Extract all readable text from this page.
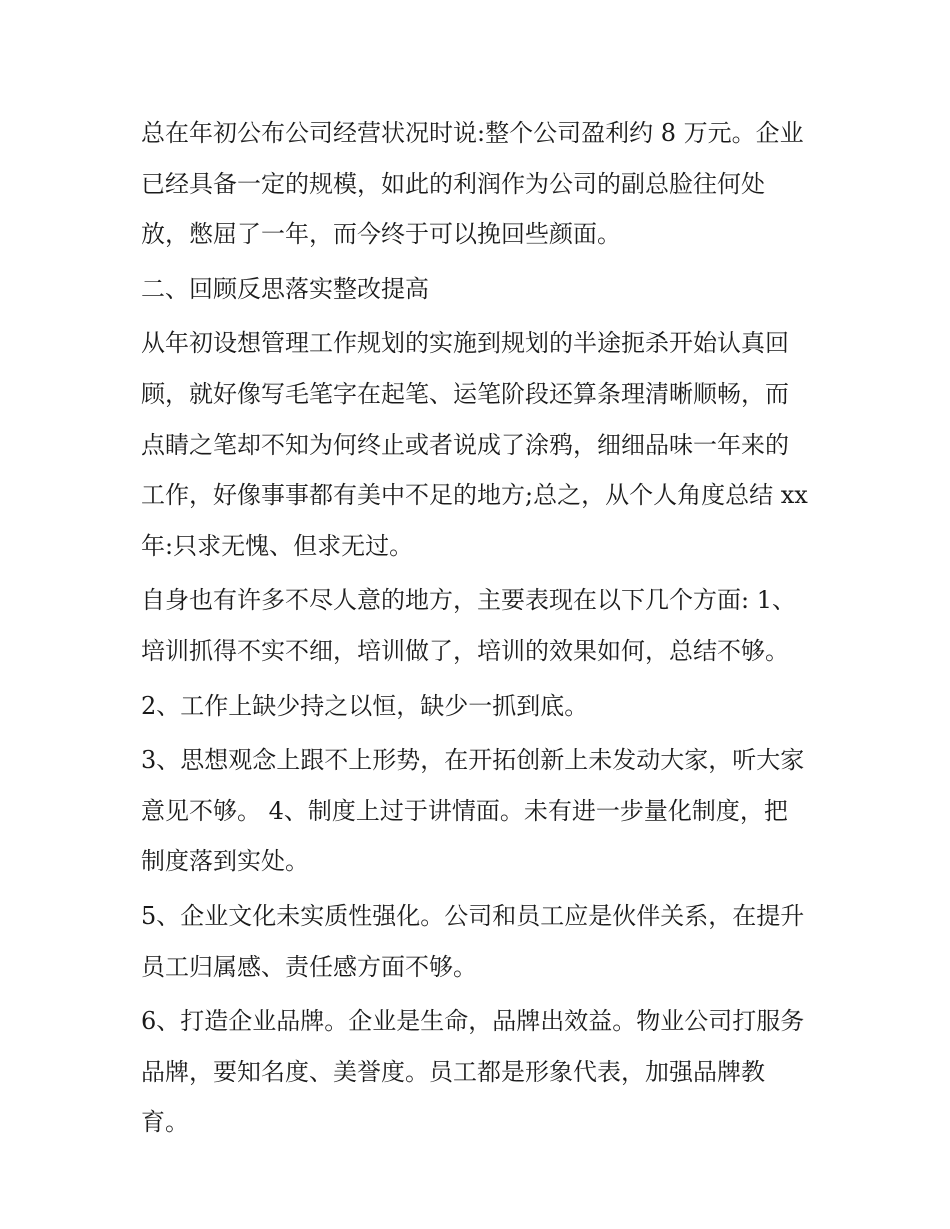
总在年初公布公司经营状况时说:整个公司盈利约 8 万元。企业已经具备一定的规模，如此的利润作为公司的副总脸往何处放，憋屈了一年，而今终于可以挽回些颜面。

二、回顾反思落实整改提高

从年初设想管理工作规划的实施到规划的半途扼杀开始认真回顾，就好像写毛笔字在起笔、运笔阶段还算条理清晰顺畅，而点睛之笔却不知为何终止或者说成了涂鸦，细细品味一年来的工作，好像事事都有美中不足的地方;总之，从个人角度总结 xx 年:只求无愧、但求无过。

自身也有许多不尽人意的地方，主要表现在以下几个方面: 1、培训抓得不实不细，培训做了，培训的效果如何，总结不够。

2、工作上缺少持之以恒，缺少一抓到底。

3、思想观念上跟不上形势，在开拓创新上未发动大家，听大家意见不够。 4、制度上过于讲情面。未有进一步量化制度，把制度落到实处。

5、企业文化未实质性强化。公司和员工应是伙伴关系，在提升员工归属感、责任感方面不够。

6、打造企业品牌。企业是生命，品牌出效益。物业公司打服务品牌，要知名度、美誉度。员工都是形象代表，加强品牌教育。
